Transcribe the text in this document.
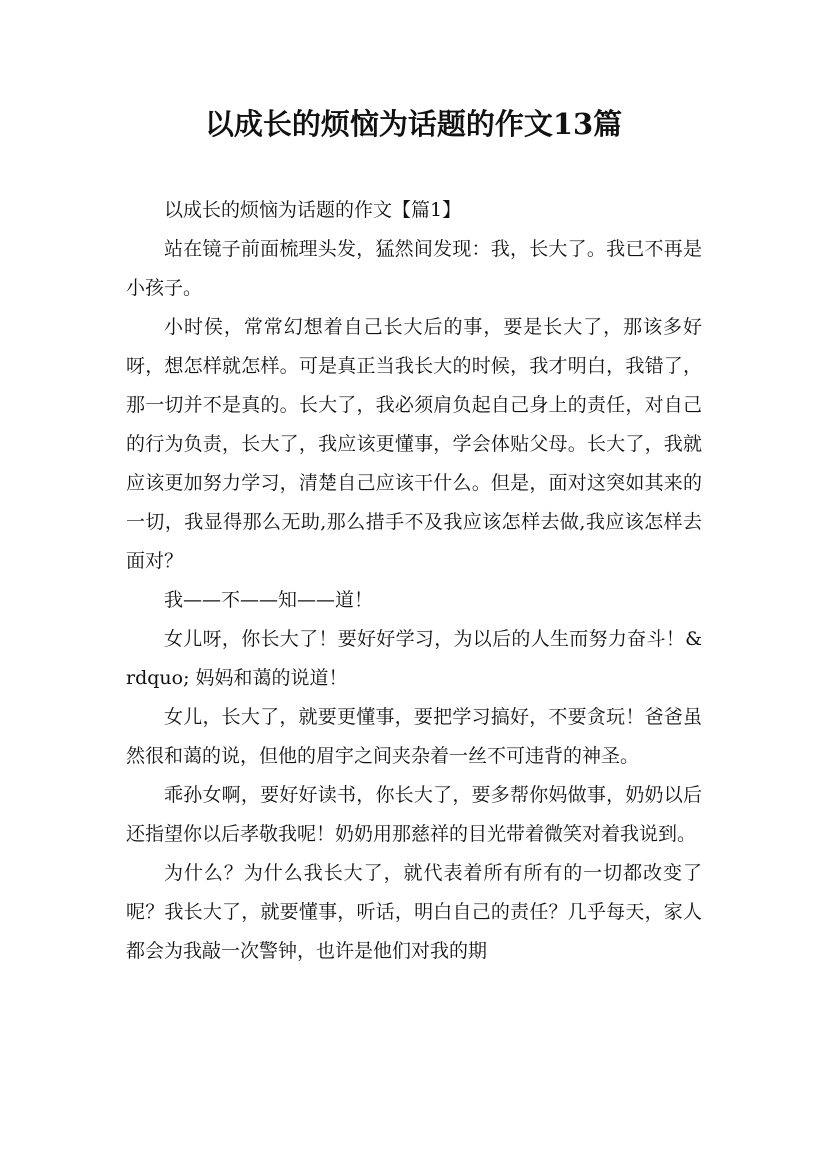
以成长的烦恼为话题的作文13篇

以成长的烦恼为话题的作文【篇1】

站在镜子前面梳理头发，猛然间发现：我，长大了。我已不再是小孩子。

小时侯，常常幻想着自己长大后的事，要是长大了，那该多好呀，想怎样就怎样。可是真正当我长大的时候，我才明白，我错了，那一切并不是真的。长大了，我必须肩负起自己身上的责任，对自己的行为负责，长大了，我应该更懂事，学会体贴父母。长大了，我就应该更加努力学习，清楚自己应该干什么。但是，面对这突如其来的一切，我显得那么无助,那么措手不及我应该怎样去做,我应该怎样去面对？

我——不——知——道！

女儿呀，你长大了！要好好学习，为以后的人生而努力奋斗！&rdquo; 妈妈和蔼的说道！

女儿，长大了，就要更懂事，要把学习搞好，不要贪玩！爸爸虽然很和蔼的说，但他的眉宇之间夹杂着一丝不可违背的神圣。

乖孙女啊，要好好读书，你长大了，要多帮你妈做事，奶奶以后还指望你以后孝敬我呢！奶奶用那慈祥的目光带着微笑对着我说到。

为什么？为什么我长大了，就代表着所有所有的一切都改变了呢？我长大了，就要懂事，听话，明白自己的责任？几乎每天，家人都会为我敲一次警钟，也许是他们对我的期
